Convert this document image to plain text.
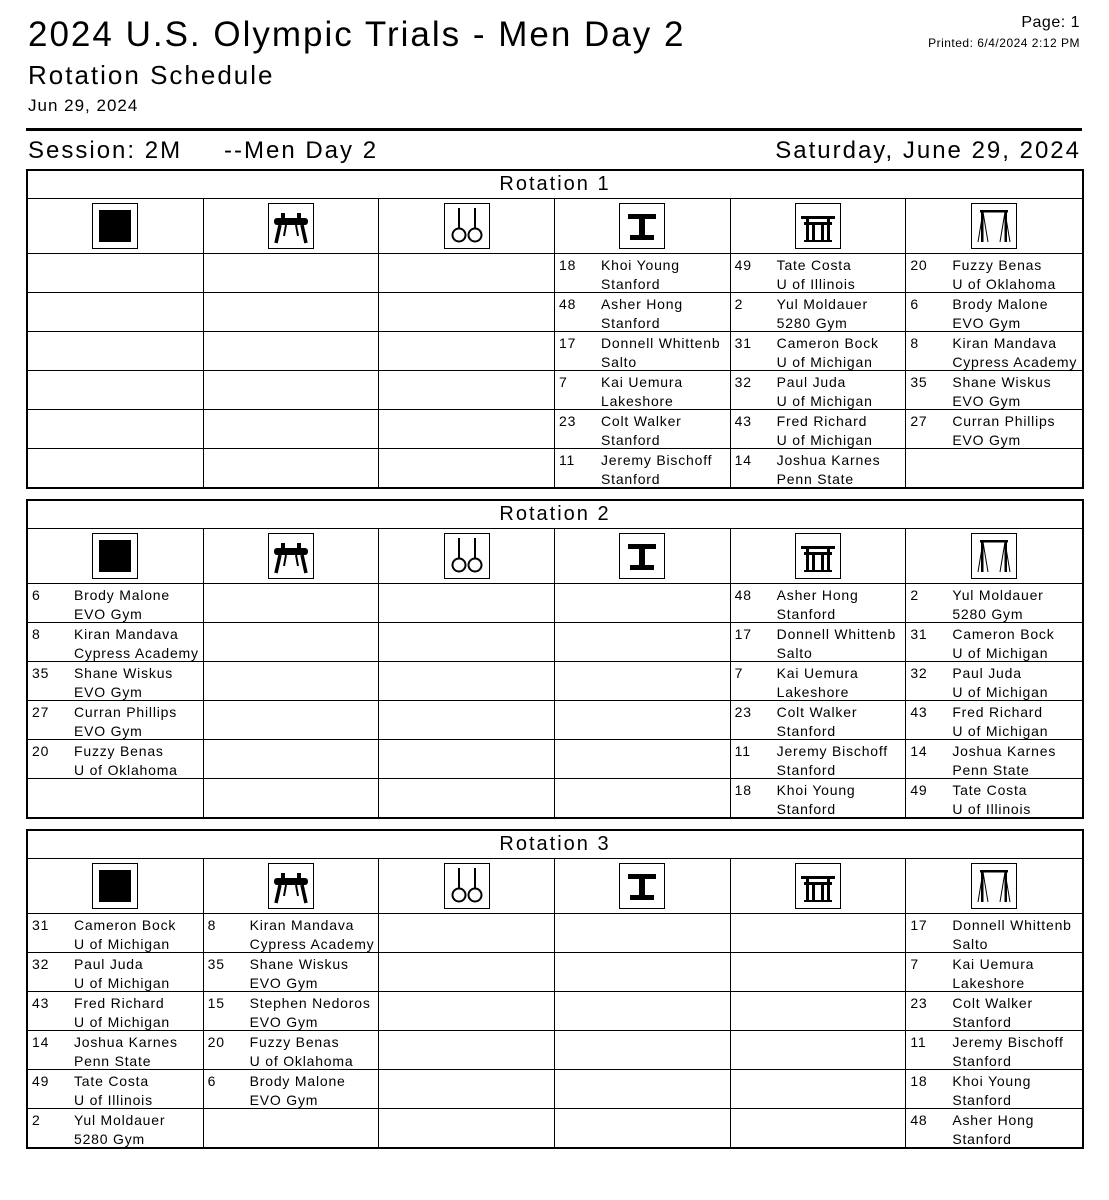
2024 U.S. Olympic Trials - Men Day 2
Rotation Schedule
Jun 29, 2024
Page: 1
Printed: 6/4/2024 2:12 PM
Session: 2M --Men Day 2	Saturday, June 29, 2024
Rotation 1
18 Khoi Young
Stanford
49 Tate Costa
U of Illinois
20 Fuzzy Benas
U of Oklahoma
48 Asher Hong
Stanford
2 Yul Moldauer
5280 Gym
6 Brody Malone
EVO Gym
17 Donnell Whittenb
Salto
31 Cameron Bock
U of Michigan
8 Kiran Mandava
Cypress Academy
7 Kai Uemura
Lakeshore
32 Paul Juda
U of Michigan
35 Shane Wiskus
EVO Gym
23 Colt Walker
Stanford
43 Fred Richard
U of Michigan
27 Curran Phillips
EVO Gym
11 Jeremy Bischoff
Stanford
14 Joshua Karnes
Penn State
Rotation 2
6 Brody Malone
EVO Gym
48 Asher Hong
Stanford
2 Yul Moldauer
5280 Gym
8 Kiran Mandava
Cypress Academy
17 Donnell Whittenb
Salto
31 Cameron Bock
U of Michigan
35 Shane Wiskus
EVO Gym
7 Kai Uemura
Lakeshore
32 Paul Juda
U of Michigan
27 Curran Phillips
EVO Gym
23 Colt Walker
Stanford
43 Fred Richard
U of Michigan
20 Fuzzy Benas
U of Oklahoma
11 Jeremy Bischoff
Stanford
14 Joshua Karnes
Penn State
18 Khoi Young
Stanford
49 Tate Costa
U of Illinois
Rotation 3
31 Cameron Bock
U of Michigan
8 Kiran Mandava
Cypress Academy
17 Donnell Whittenb
Salto
32 Paul Juda
U of Michigan
35 Shane Wiskus
EVO Gym
7 Kai Uemura
Lakeshore
43 Fred Richard
U of Michigan
15 Stephen Nedoros
EVO Gym
23 Colt Walker
Stanford
14 Joshua Karnes
Penn State
20 Fuzzy Benas
U of Oklahoma
11 Jeremy Bischoff
Stanford
49 Tate Costa
U of Illinois
6 Brody Malone
EVO Gym
18 Khoi Young
Stanford
2 Yul Moldauer
5280 Gym
48 Asher Hong
Stanford
